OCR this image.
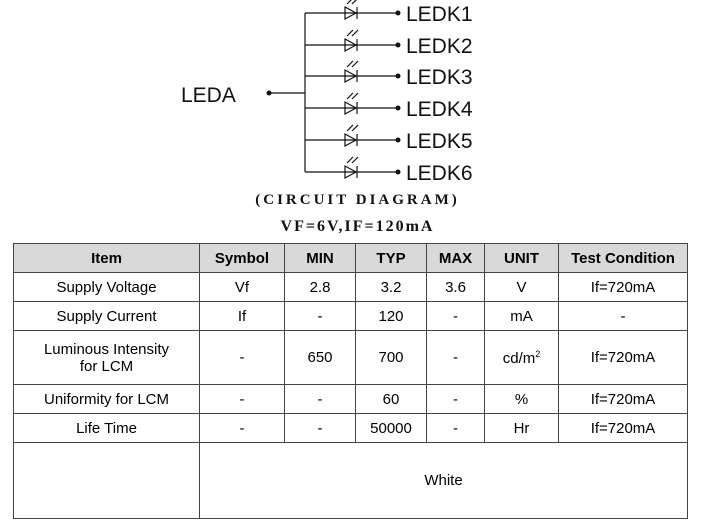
LEDA
LEDK1
LEDK2
LEDK3
LEDK4
LEDK5
LEDK6
(CIRCUIT DIAGRAM)
VF=6V,IF=120mA
Item	Symbol	MIN	TYP	MAX	UNIT	Test Condition
Supply Voltage	Vf	2.8	3.2	3.6	V	If=720mA
Supply Current	If	-	120	-	mA	-
Luminous Intensity
for LCM	-	650	700	-	$cd/m^2$	If=720mA
Uniformity for LCM	-	-	60	-	%	If=720mA
Life Time	-	-	50000	-	Hr	If=720mA
	White					
